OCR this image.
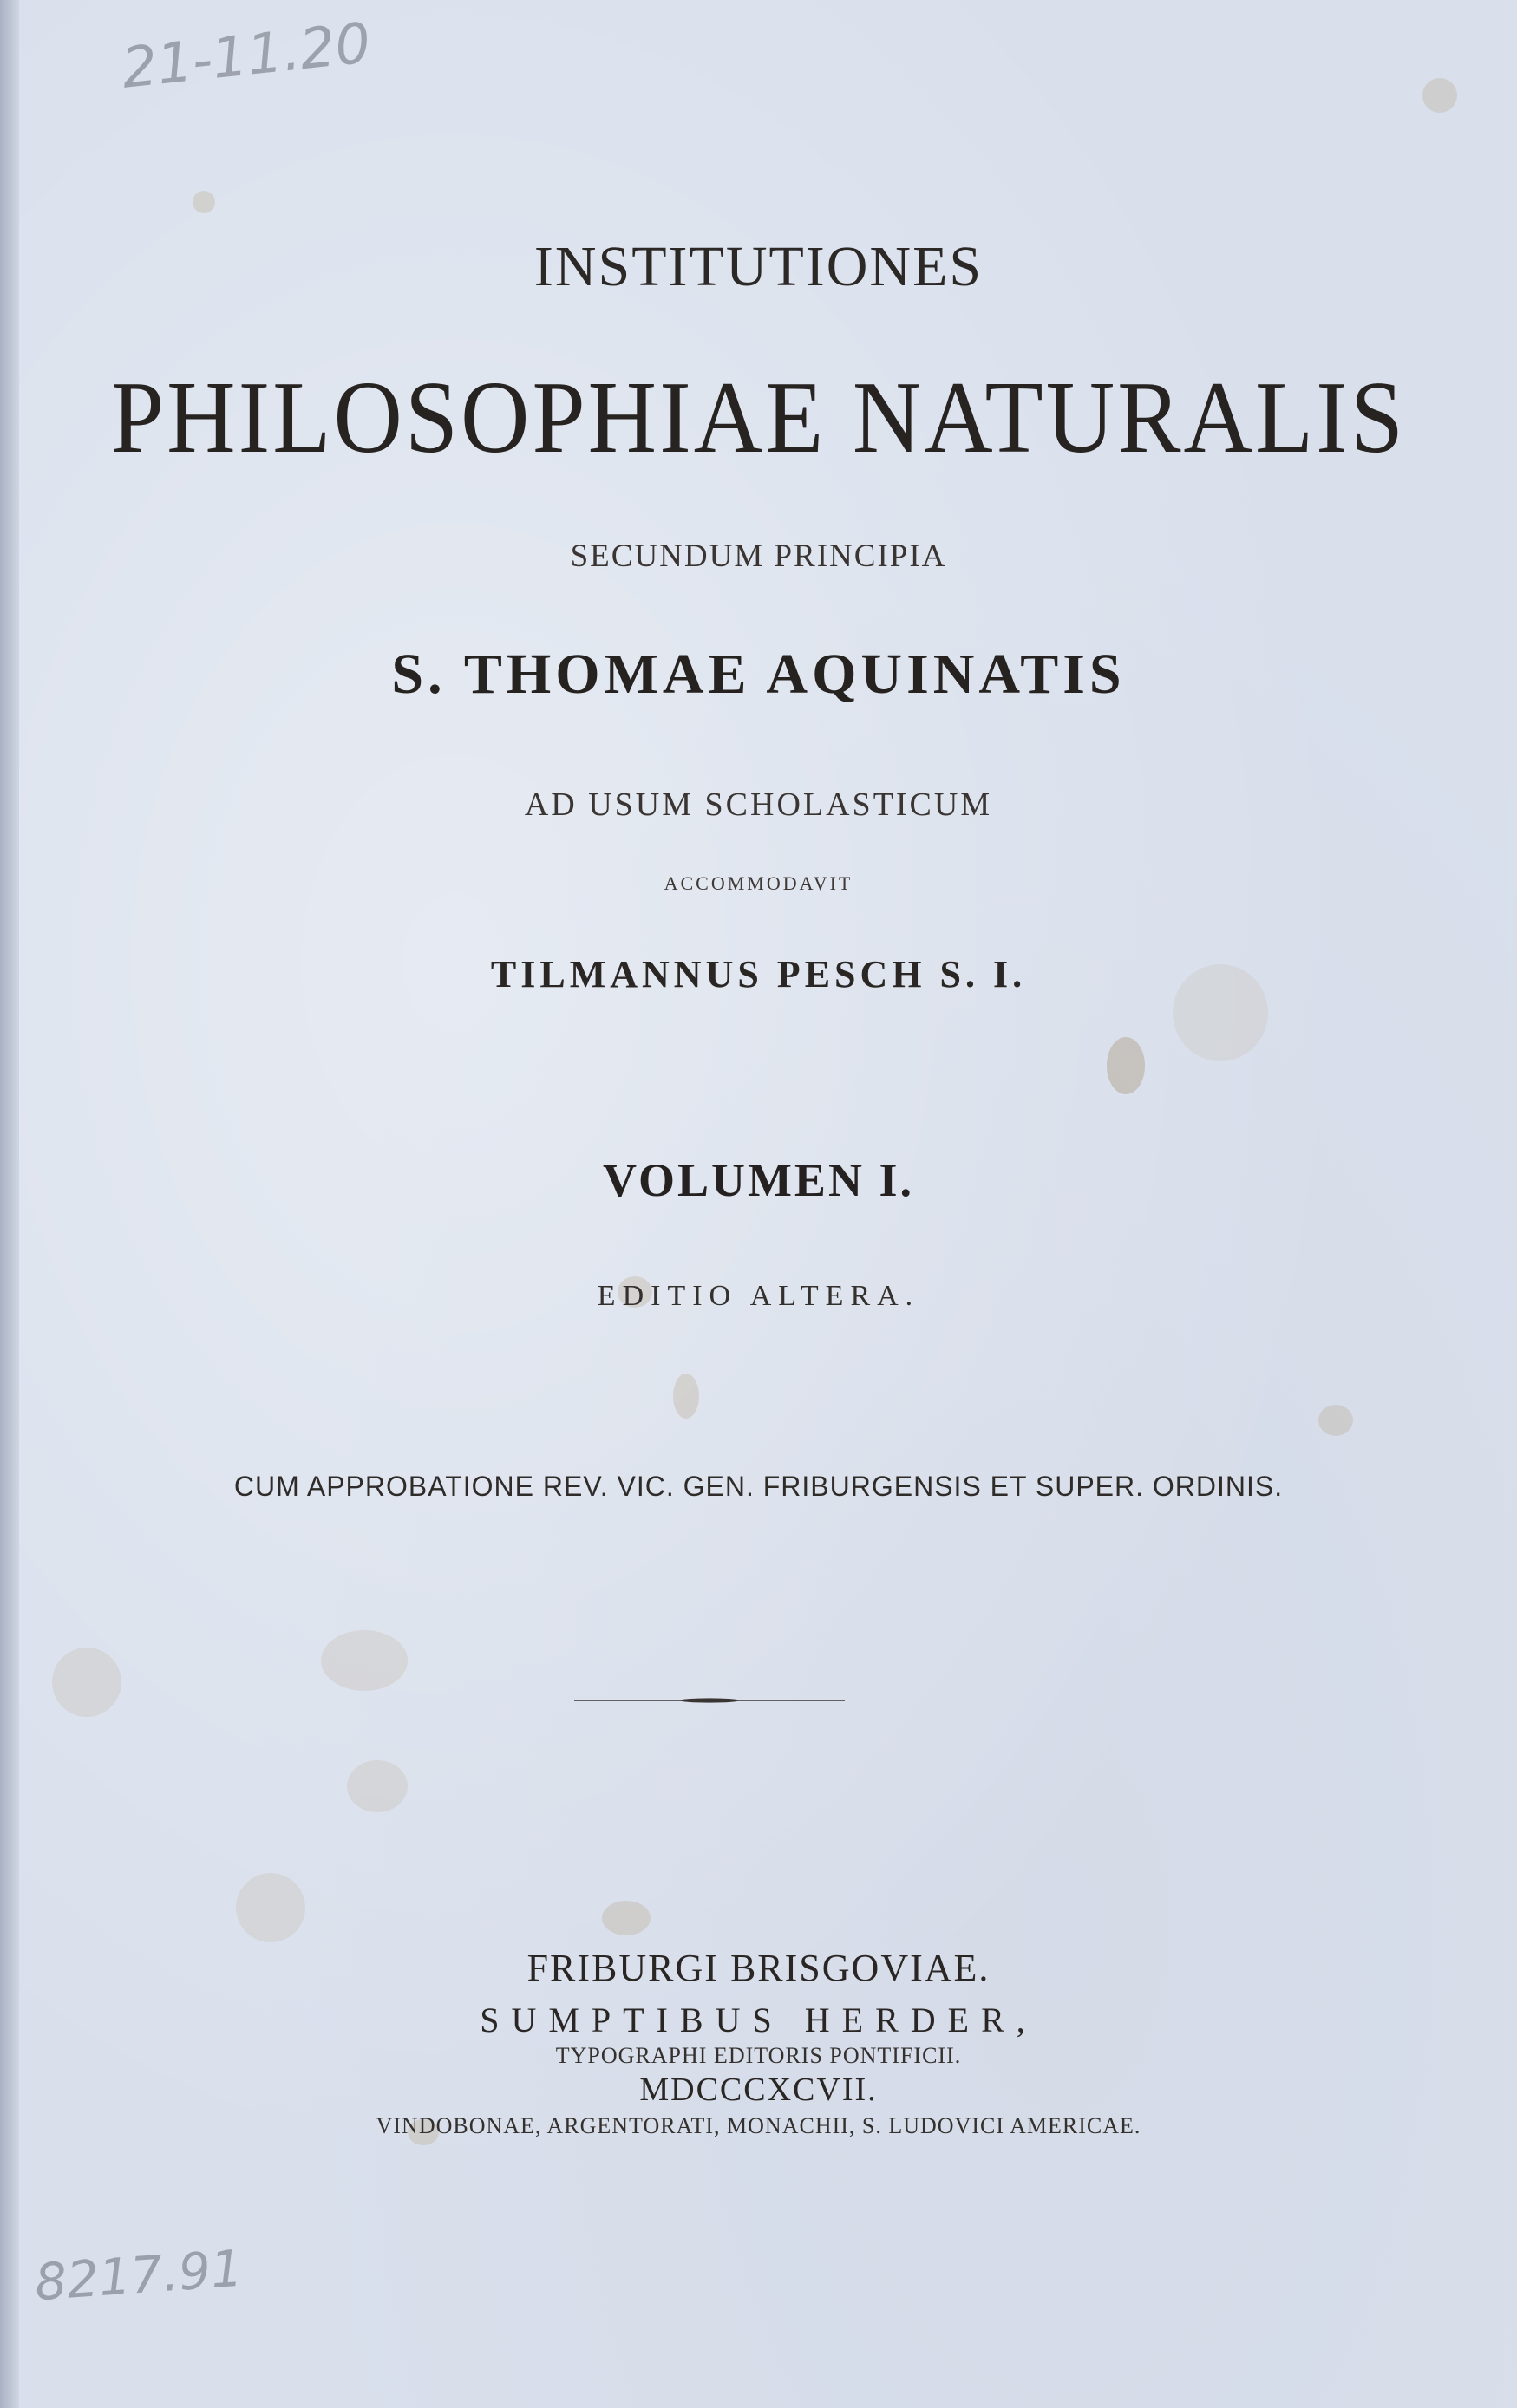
21-11.20
INSTITUTIONES
PHILOSOPHIAE NATURALIS
SECUNDUM PRINCIPIA
S. THOMAE AQUINATIS
AD USUM SCHOLASTICUM
ACCOMMODAVIT
TILMANNUS PESCH S. I.
VOLUMEN I.
EDITIO ALTERA.
CUM APPROBATIONE REV. VIC. GEN. FRIBURGENSIS ET SUPER. ORDINIS.
FRIBURGI BRISGOVIAE.
SUMPTIBUS HERDER,
TYPOGRAPHI EDITORIS PONTIFICII.
MDCCCXCVII.
VINDOBONAE, ARGENTORATI, MONACHII, S. LUDOVICI AMERICAE.
8217.91
